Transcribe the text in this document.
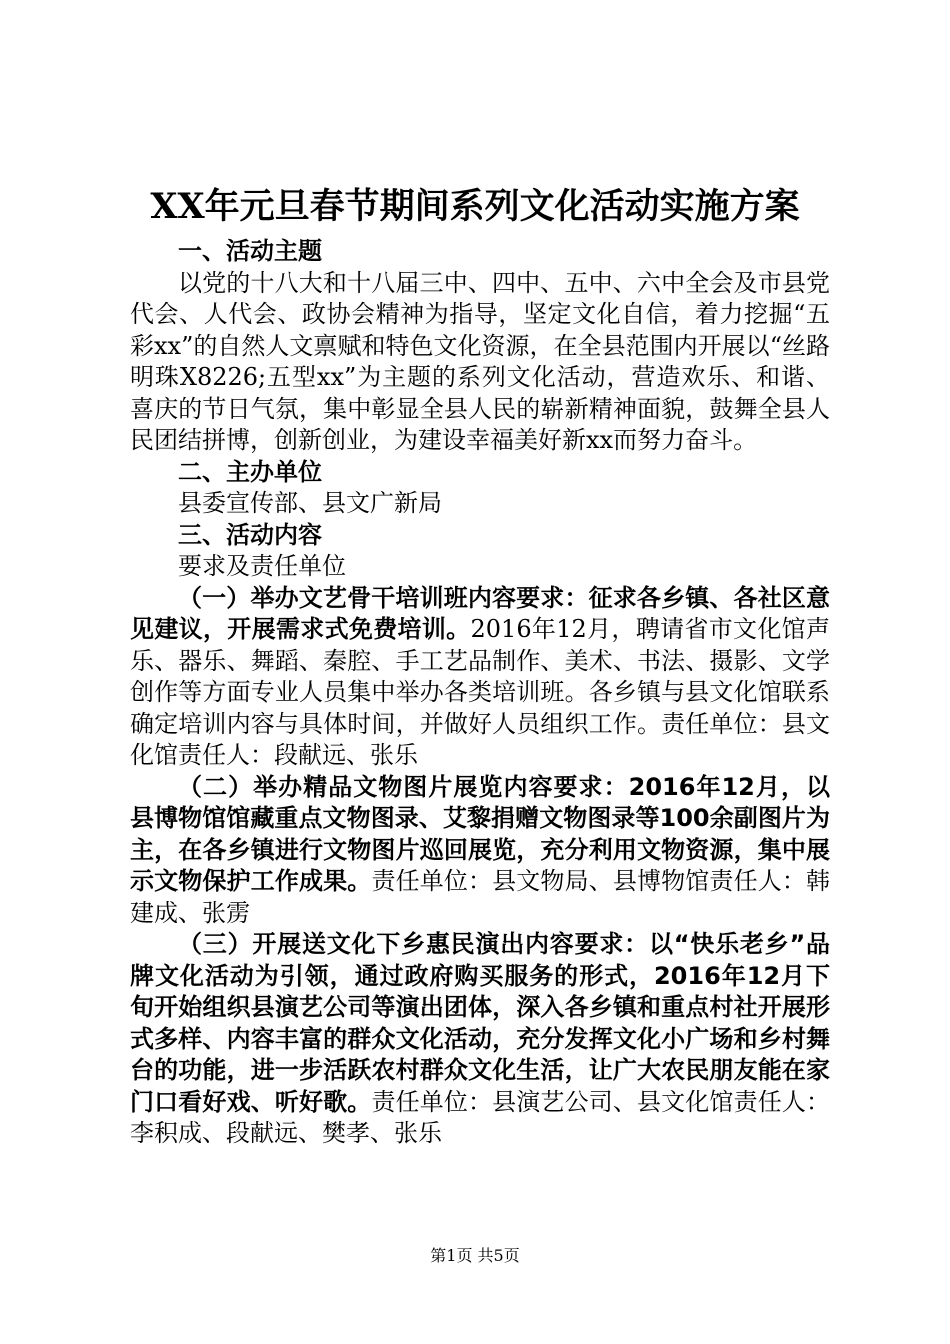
XX年元旦春节期间系列文化活动实施方案
一、活动主题
以党的十八大和十八届三中、四中、五中、六中全会及市县党代会、人代会、政协会精神为指导，坚定文化自信，着力挖掘“五彩xx”的自然人文禀赋和特色文化资源，在全县范围内开展以“丝路明珠X8226;五型xx”为主题的系列文化活动，营造欢乐、和谐、喜庆的节日气氛，集中彰显全县人民的崭新精神面貌，鼓舞全县人民团结拼博，创新创业，为建设幸福美好新xx而努力奋斗。
二、主办单位
县委宣传部、县文广新局
三、活动内容
要求及责任单位
（一）举办文艺骨干培训班内容要求：征求各乡镇、各社区意见建议，开展需求式免费培训。2016年12月，聘请省市文化馆声乐、器乐、舞蹈、秦腔、手工艺品制作、美术、书法、摄影、文学创作等方面专业人员集中举办各类培训班。各乡镇与县文化馆联系确定培训内容与具体时间，并做好人员组织工作。责任单位：县文化馆责任人：段献远、张乐
（二）举办精品文物图片展览内容要求：2016年12月，以县博物馆馆藏重点文物图录、艾黎捐赠文物图录等100余副图片为主，在各乡镇进行文物图片巡回展览，充分利用文物资源，集中展示文物保护工作成果。责任单位：县文物局、县博物馆责任人：韩建成、张雳
（三）开展送文化下乡惠民演出内容要求：以“快乐老乡”品牌文化活动为引领，通过政府购买服务的形式，2016年12月下旬开始组织县演艺公司等演出团体，深入各乡镇和重点村社开展形式多样、内容丰富的群众文化活动，充分发挥文化小广场和乡村舞台的功能，进一步活跃农村群众文化生活，让广大农民朋友能在家门口看好戏、听好歌。责任单位：县演艺公司、县文化馆责任人：李积成、段献远、樊孝、张乐
第1页 共5页
